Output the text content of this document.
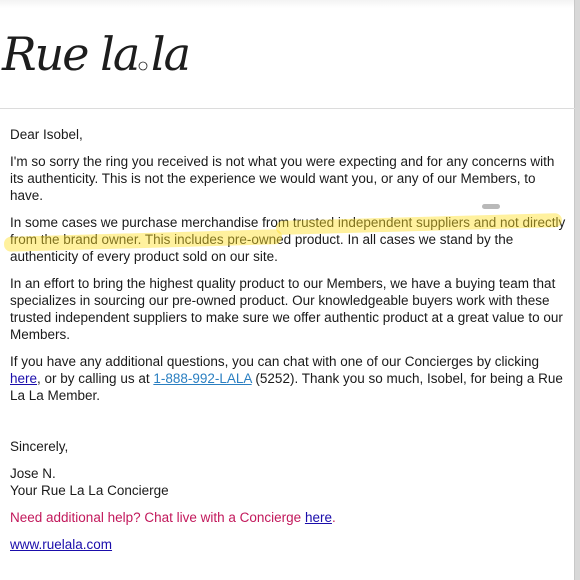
Rue la la

Dear Isobel,

I'm so sorry the ring you received is not what you were expecting and for any concerns with its authenticity. This is not the experience we would want you, or any of our Members, to have.

In some cases we purchase merchandise from trusted independent suppliers and not directly from the brand owner. This includes pre-owned product. In all cases we stand by the authenticity of every product sold on our site.

In an effort to bring the highest quality product to our Members, we have a buying team that specializes in sourcing our pre-owned product. Our knowledgeable buyers work with these trusted independent suppliers to make sure we offer authentic product at a great value to our Members.

If you have any additional questions, you can chat with one of our Concierges by clicking here, or by calling us at 1-888-992-LALA (5252). Thank you so much, Isobel, for being a Rue La La Member.

Sincerely,

Jose N.
Your Rue La La Concierge

Need additional help? Chat live with a Concierge here.

www.ruelala.com
